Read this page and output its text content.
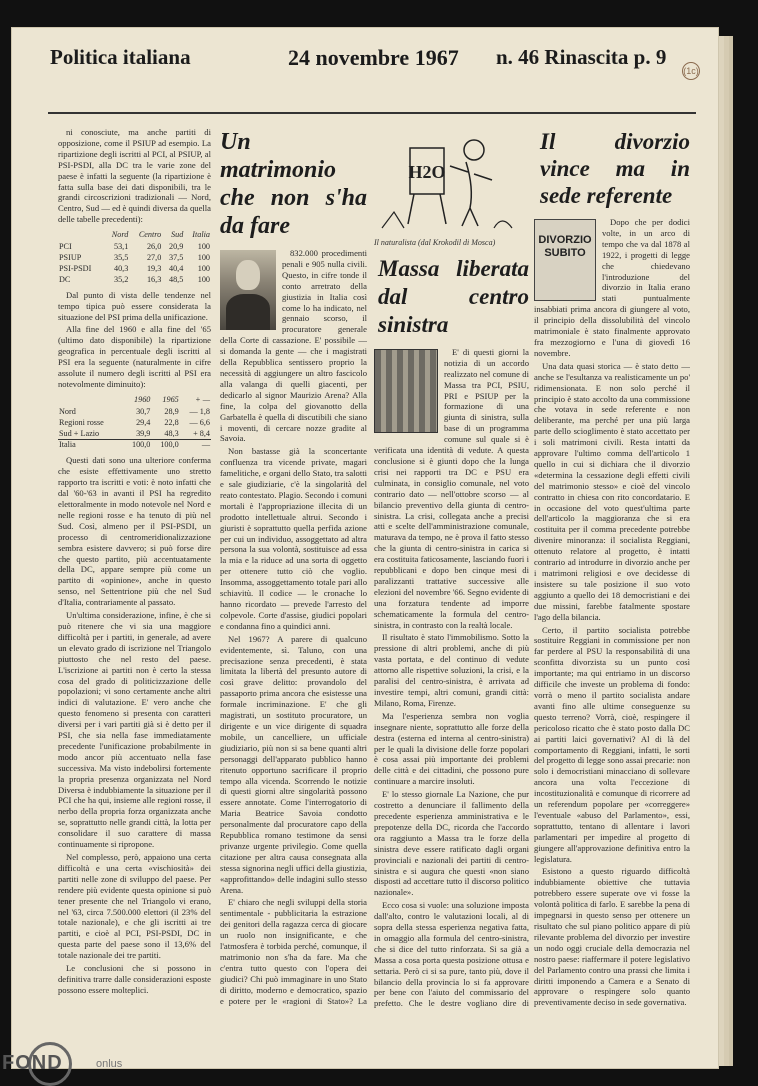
Politica italiana	24 novembre 1967 n. 46 Rinascita p. 9
(1c)

ni conosciute, ma anche partiti di opposizione, come il PSIUP ad esempio. La ripartizione degli iscritti al PCI, al PSIUP, al PSI-PSDI, alla DC tra le varie zone del paese è infatti la seguente (la ripartizione è fatta sulla base dei dati disponibili, tra le grandi circoscrizioni tradizionali — Nord, Centro, Sud — ed è quindi diversa da quella delle tabelle precedenti):

	Nord	Centro	Sud	Italia
PCI	53,1	26,0	20,9	100
PSIUP	35,5	27,0	37,5	100
PSI-PSDI	40,3	19,3	40,4	100
DC	35,2	16,3	48,5	100

Dal punto di vista delle tendenze nel tempo tipica può essere considerata la situazione del PSI prima della unificazione.

Alla fine del 1960 e alla fine del '65 (ultimo dato disponibile) la ripartizione geografica in percentuale degli iscritti al PSI era la seguente (naturalmente in cifre assolute il numero degli iscritti al PSI era notevolmente diminuito):

	1960	1965	+ —
Nord	30,7	28,9	— 1,8
Regioni rosse	29,4	22,8	— 6,6
Sud + Lazio	39,9	48,3	+ 8,4
Italia	100,0	100,0	—

Questi dati sono una ulteriore conferma che esiste effettivamente uno stretto rapporto tra iscritti e voti: è noto infatti che dal '60-'63 in avanti il PSI ha regredito elettoralmente in modo notevole nel Nord e nelle regioni rosse e ha tenuto di più nel Sud. Così, almeno per il PSI-PSDI, un processo di centromeridionalizzazione sembra esistere davvero; si può forse dire che questo partito, più accentuatamente della DC, appare sempre più come un partito di «opinione», anche in questo senso, nel Settentrione più che nel Sud d'Italia, contrariamente al passato.

Un'ultima considerazione, infine, è che si può ritenere che vi sia una maggiore difficoltà per i partiti, in generale, ad avere un elevato grado di iscrizione nel Triangolo piuttosto che nel resto del paese. L'iscrizione ai partiti non è certo la stessa cosa del grado di politicizzazione delle popolazioni; vi sono certamente anche altri indici di valutazione. E' vero anche che questo fenomeno si presenta con caratteri diversi per i vari partiti già si è detto per il PSI, che sia nella fase immediatamente precedente l'unificazione probabilmente in modo ancor più accentuato nella fase successiva. Ma visto indebolirsi fortemente la propria presenza organizzata nel Nord Diversa è indubbiamente la situazione per il PCI che ha qui, insieme alle regioni rosse, il nerbo della propria forza organizzata anche se, soprattutto nelle grandi città, la lotta per consolidare il suo carattere di massa continuamente si ripropone.

Nel complesso, però, appaiono una certa difficoltà e una certa «vischiosità» dei partiti nelle zone di sviluppo del paese. Per rendere più evidente questa opinione si può tener presente che nel Triangolo vi erano, nel '63, circa 7.500.000 elettori (il 23% del totale nazionale), e che gli iscritti ai tre partiti, e cioè al PCI, PSI-PSDI, DC in questa parte del paese sono il 13,6% del totale nazionale dei tre partiti.

Le conclusioni che si possono in definitiva trarre dalle considerazioni esposte possono essere molteplici.

Un matrimonio che non s'ha da fare

832.000 procedimenti penali e 905 nulla civili. Questo, in cifre tonde il conto arretrato della giustizia in Italia così come lo ha indicato, nel gennaio scorso, il procuratore generale della Corte di cassazione. E' possibile — si domanda la gente — che i magistrati della Repubblica sentissero proprio la necessità di aggiungere un altro fascicolo alla valanga di quelli giacenti, per dedicarlo al signor Maurizio Arena? Alla fine, la colpa del giovanotto della Garbatella è quella di discutibili che siano i moventi, di cercare nozze gradite al Savoia.

Non bastasse già la sconcertante confluenza tra vicende private, magari famelitiche, e organi dello Stato, tra salotti e sale giudiziarie, c'è la singolarità del reato contestato. Plagio. Secondo i comuni mortali è l'appropriazione illecita di un prodotto intellettuale altrui. Secondo i giuristi è soprattutto quella perfida azione per cui un individuo, assoggettato ad altra persona la sua volontà, sostituisce ad essa la mia e la riduce ad una sorta di oggetto per ottenere tutto ciò che voglio. Insomma, assoggettamento totale pari allo schiavitù. Il codice — le cronache lo hanno ricordato — prevede l'arresto del colpevole. Corte d'assise, giudici popolari e condanna fino a quindici anni.

Nel 1967? A parere di qualcuno evidentemente, sì. Taluno, con una precisazione senza precedenti, è stata limitata la libertà del presunto autore di così grave delitto: provandolo del passaporto prima ancora che esistesse una formale incriminazione. E' che gli magistrati, un sostituto procuratore, un dirigente e un vice dirigente di squadra mobile, un cancelliere, un ufficiale giudiziario, più non si sa bene quanti altri personaggi dell'apparato pubblico hanno ritenuto opportuno sacrificare il proprio tempo alla vicenda. Scorrendo le notizie di questi giorni altre singolarità possono essere annotate. Come l'interrogatorio di Maria Beatrice Savoia condotto personalmente dal procuratore capo della Repubblica romano testimone da sensi privanze urgente privilegio. Come quella citazione per altra causa consegnata alla stessa signorina negli uffici della giustizia, «approfittando» delle indagini sullo stesso Arena.

E' chiaro che negli sviluppi della storia sentimentale - pubblicitaria la estrazione dei genitori della ragazza cerca di giocare un ruolo non insignificante, e che l'atmosfera è torbida perché, comunque, il matrimonio non s'ha da fare. Ma che c'entra tutto questo con l'opera dei giudici? Chi può immaginare in uno Stato di diritto, moderno e democratico, spazio e potere per le «ragioni di Stato»? La

H2O
Il naturalista (dal Krokodil di Mosca)
Massa liberata dal centro sinistra

E' di questi giorni la notizia di un accordo realizzato nel comune di Massa tra PCI, PSIU, PRI e PSIUP per la formazione di una giunta di sinistra, sulla base di un programma comune sul quale si è verificata una identità di vedute. A questa conclusione si è giunti dopo che la lunga crisi nei rapporti tra DC e PSU era culminata, in consiglio comunale, nel voto contrario dato — nell'ottobre scorso — al bilancio preventivo della giunta di centro-sinistra. La crisi, collegata anche a precisi atti e scelte dell'amministrazione comunale, maturava da tempo, ne è prova il fatto stesso che la giunta di centro-sinistra in carica si era costituita faticosamente, lasciando fuori i repubblicani e dopo ben cinque mesi di paralizzanti trattative successive alle elezioni del novembre '66. Segno evidente di una forzatura tendente ad imporre schematicamente la formula del centro-sinistra, in contrasto con la realtà locale.

Il risultato è stato l'immobilismo. Sotto la pressione di altri problemi, anche di più vasta portata, e del continuo di vedute attorno alle rispettive soluzioni, la crisi, e la paralisi del centro-sinistra, è arrivata ad investire tempi, altri comuni, grandi città: Milano, Roma, Firenze.

Ma l'esperienza sembra non voglia insegnare niente, soprattutto alle forze della destra (esterna ed interna al centro-sinistra) per le quali la divisione delle forze popolari è cosa assai più importante dei problemi delle città e dei cittadini, che possono pure continuare a marcire insoluti.

E' lo stesso giornale La Nazione, che pur costretto a denunciare il fallimento della precedente esperienza amministrativa e le prepotenze della DC, ricorda che l'accordo ora raggiunto a Massa tra le forze della sinistra deve essere ratificato dagli organi provinciali e nazionali dei partiti di centro-sinistra e si augura che questi «non siano disposti ad accettare tutto il discorso politico nazionale».

Ecco cosa si vuole: una soluzione imposta dall'alto, contro le valutazioni locali, al di sopra della stessa esperienza negativa fatta, in omaggio alla formula del centro-sinistra, che si dice del tutto rinforzata. Si sa già a Massa a cosa porta questa posizione ottusa e settaria. Però ci si sa pure, tanto più, dove il bilancio della provincia lo si fa approvare per bene con l'aiuto del commissario del prefetto. Che le destre vogliano dire di

Il divorzio vince ma in sede referente
DIVORZIO SUBITO

Dopo che per dodici volte, in un arco di tempo che va dal 1878 al 1922, i progetti di legge che chiedevano l'introduzione del divorzio in Italia erano stati puntualmente insabbiati prima ancora di giungere al voto, il principio della dissolubilità del vincolo matrimoniale è stato finalmente approvato fra mezzogiorno e l'una di giovedì 16 novembre.

Una data quasi storica — è stato detto — anche se l'esultanza va realisticamente un po' ridimensionata. E non solo perché il principio è stato accolto da una commissione che votava in sede referente e non deliberante, ma perché per una più larga parte dello scioglimento è stato accettato per i soli matrimoni civili. Resta intatti da approvare l'ultimo comma dell'articolo 1 quello in cui si dichiara che il divorzio «determina la cessazione degli effetti civili del matrimonio stesso» e cioè del vincolo contratto in chiesa con rito concordatario. E in occasione del voto quest'ultima parte dell'articolo la maggioranza che si era costituita per il comma precedente potrebbe divenire minoranza: il socialista Reggiani, ottenuto relatore al progetto, è intatti contrario ad introdurre in divorzio anche per i matrimoni religiosi e ove decidesse di insistere su tale posizione il suo voto aggiunto a quello dei 18 democristiani e dei due missini, farebbe fatalmente spostare l'ago della bilancia.

Certo, il partito socialista potrebbe sostituire Reggiani in commissione per non far perdere al PSU la responsabilità di una sconfitta divorzista su un punto così importante; ma qui entriamo in un discorso difficile che investe un problema di fondo: vorrà o meno il partito socialista andare avanti fino alle ultime conseguenze su questo terreno? Vorrà, cioè, respingere il pericoloso ricatto che è stato posto dalla DC ai partiti laici governativi? Al di là del comportamento di Reggiani, infatti, le sorti del progetto di legge sono assai precarie: non solo i democristiani minacciano di sollevare ancora una volta l'eccezione di incostituzionalità e comunque di ricorrere ad un referendum popolare per «correggere» l'eventuale «abuso del Parlamento», essi, soprattutto, tentano di allentare i lavori parlamentari per impedire al progetto di giungere all'approvazione definitiva entro la legislatura.

Esistono a questo riguardo difficoltà indubbiamente obiettive che tuttavia potrebbero essere superate ove vi fosse la volontà politica di farlo. E sarebbe la pena di impegnarsi in questo senso per ottenere un risultato che sul piano politico appare di più rilevante problema del divorzio per investire un nodo oggi cruciale della democrazia nel nostro paese: riaffermare il potere legislativo del Parlamento contro una prassi che limita i diritti imponendo a Camera e a Senato di approvare o respingere solo quanto preventivamente deciso in sede governativa.

FOND	onlus
